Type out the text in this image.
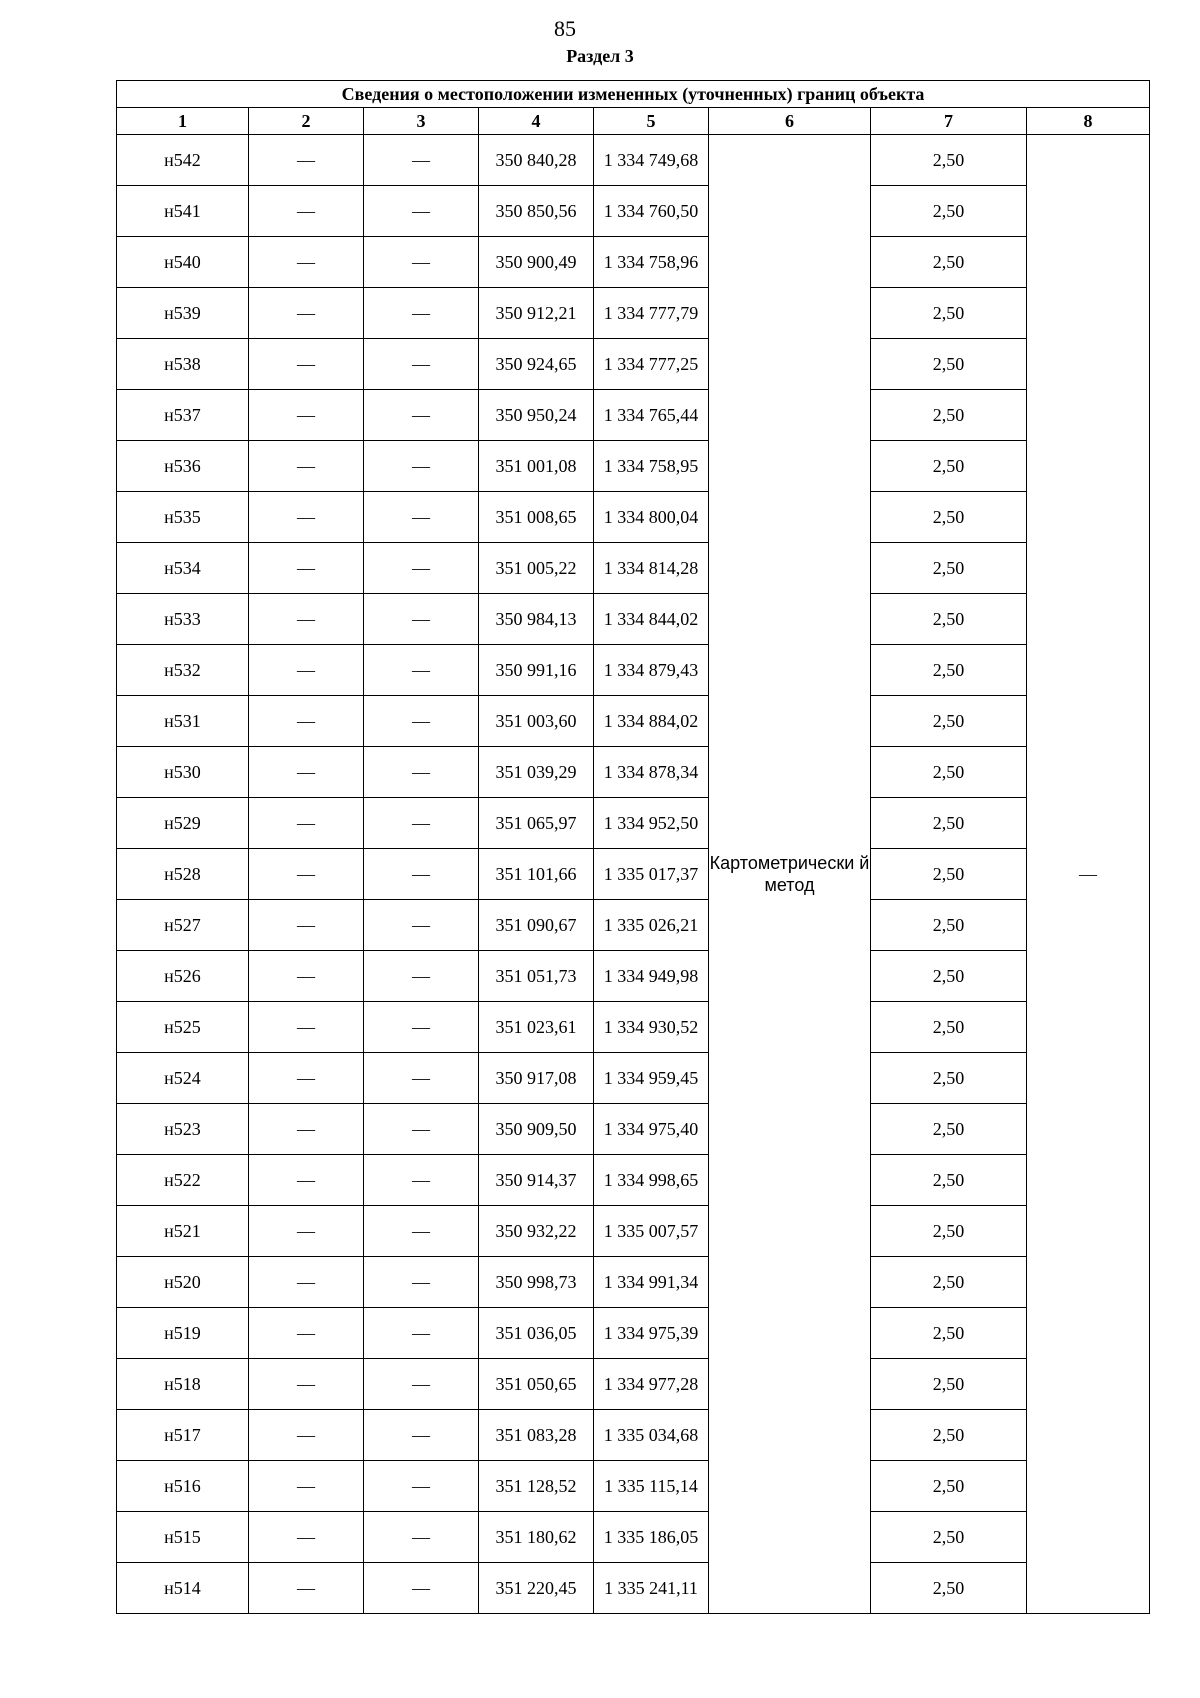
85
Раздел 3
Сведения о местоположении измененных (уточненных) границ объекта							
1	2	3	4	5	6	7	8
н542	—	—	350 840,28	1 334 749,68	Картометрически й метод	2,50	—
н541	—	—	350 850,56	1 334 760,50		2,50	
н540	—	—	350 900,49	1 334 758,96		2,50	
н539	—	—	350 912,21	1 334 777,79		2,50	
н538	—	—	350 924,65	1 334 777,25		2,50	
н537	—	—	350 950,24	1 334 765,44		2,50	
н536	—	—	351 001,08	1 334 758,95		2,50	
н535	—	—	351 008,65	1 334 800,04		2,50	
н534	—	—	351 005,22	1 334 814,28		2,50	
н533	—	—	350 984,13	1 334 844,02		2,50	
н532	—	—	350 991,16	1 334 879,43		2,50	
н531	—	—	351 003,60	1 334 884,02		2,50	
н530	—	—	351 039,29	1 334 878,34		2,50	
н529	—	—	351 065,97	1 334 952,50		2,50	
н528	—	—	351 101,66	1 335 017,37		2,50	
н527	—	—	351 090,67	1 335 026,21		2,50	
н526	—	—	351 051,73	1 334 949,98		2,50	
н525	—	—	351 023,61	1 334 930,52		2,50	
н524	—	—	350 917,08	1 334 959,45		2,50	
н523	—	—	350 909,50	1 334 975,40		2,50	
н522	—	—	350 914,37	1 334 998,65		2,50	
н521	—	—	350 932,22	1 335 007,57		2,50	
н520	—	—	350 998,73	1 334 991,34		2,50	
н519	—	—	351 036,05	1 334 975,39		2,50	
н518	—	—	351 050,65	1 334 977,28		2,50	
н517	—	—	351 083,28	1 335 034,68		2,50	
н516	—	—	351 128,52	1 335 115,14		2,50	
н515	—	—	351 180,62	1 335 186,05		2,50	
н514	—	—	351 220,45	1 335 241,11		2,50	
